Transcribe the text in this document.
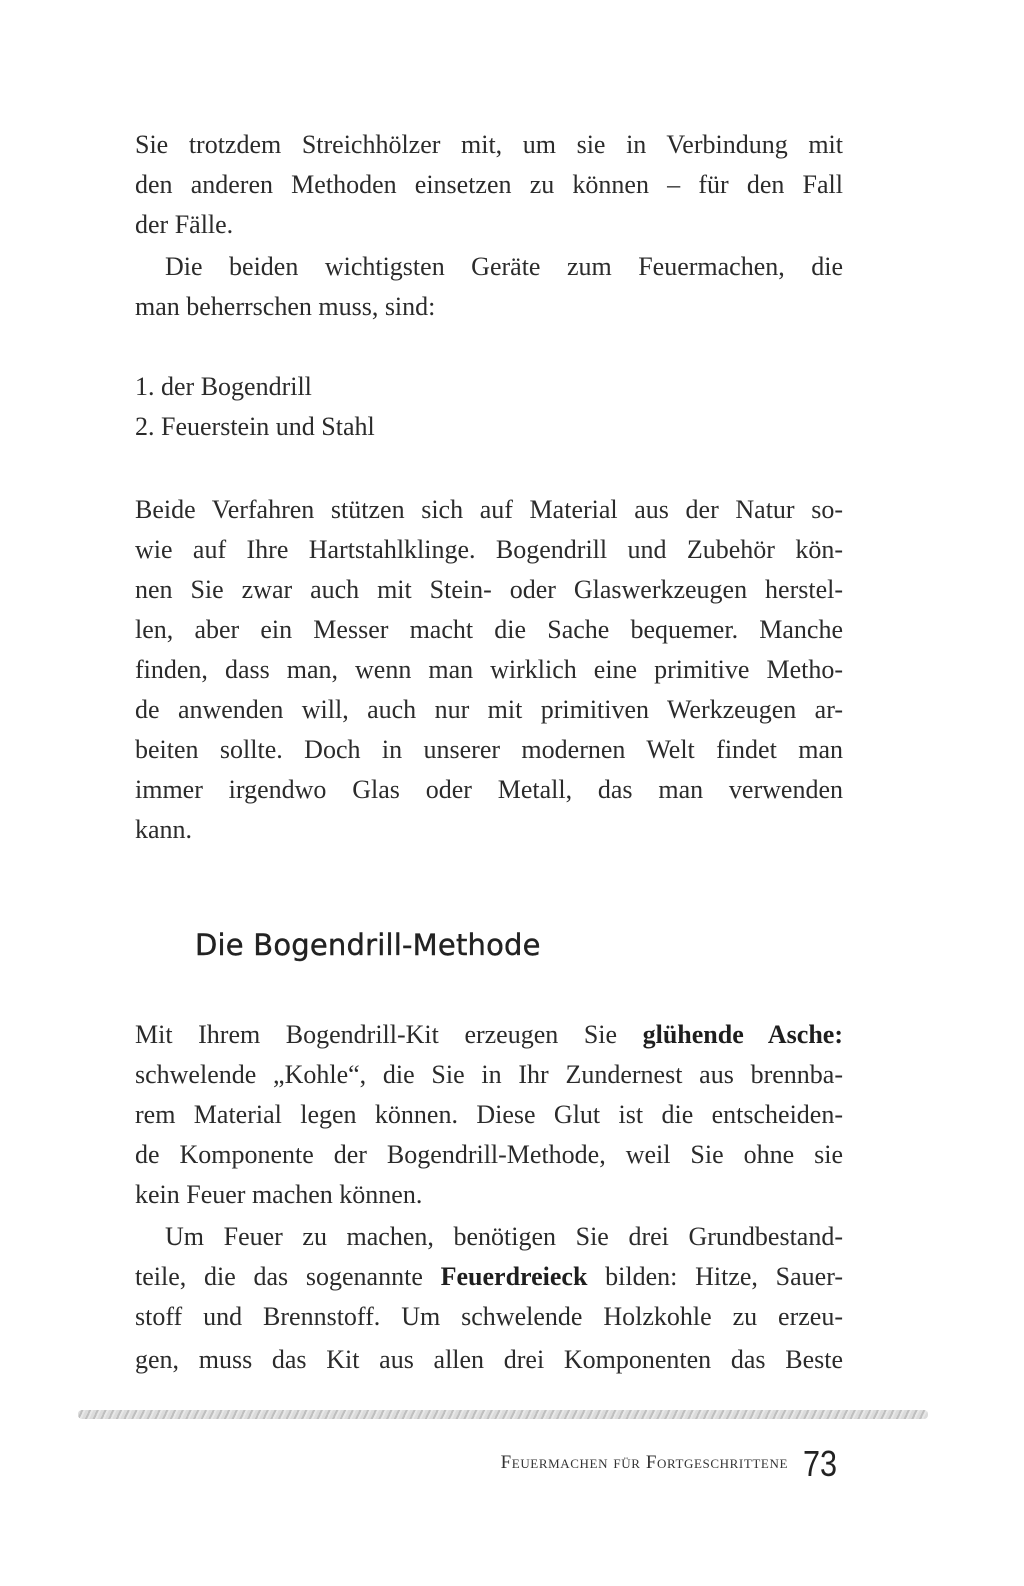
Sie trotzdem Streichhölzer mit, um sie in Verbindung mit
den anderen Methoden einsetzen zu können – für den Fall
der Fälle.
Die beiden wichtigsten Geräte zum Feuermachen, die
man beherrschen muss, sind:
1. der Bogendrill
2. Feuerstein und Stahl
Beide Verfahren stützen sich auf Material aus der Natur so-
wie auf Ihre Hartstahlklinge. Bogendrill und Zubehör kön-
nen Sie zwar auch mit Stein- oder Glaswerkzeugen herstel-
len, aber ein Messer macht die Sache bequemer. Manche
finden, dass man, wenn man wirklich eine primitive Metho-
de anwenden will, auch nur mit primitiven Werkzeugen ar-
beiten sollte. Doch in unserer modernen Welt findet man
immer irgendwo Glas oder Metall, das man verwenden
kann.
Die Bogendrill-Methode
Mit Ihrem Bogendrill-Kit erzeugen Sie glühende Asche:
schwelende „Kohle“, die Sie in Ihr Zundernest aus brennba-
rem Material legen können. Diese Glut ist die entscheiden-
de Komponente der Bogendrill-Methode, weil Sie ohne sie
kein Feuer machen können.
Um Feuer zu machen, benötigen Sie drei Grundbestand-
teile, die das sogenannte Feuerdreieck bilden: Hitze, Sauer-
stoff und Brennstoff. Um schwelende Holzkohle zu erzeu-
gen, muss das Kit aus allen drei Komponenten das Beste
Feuermachen für Fortgeschrittene 73
